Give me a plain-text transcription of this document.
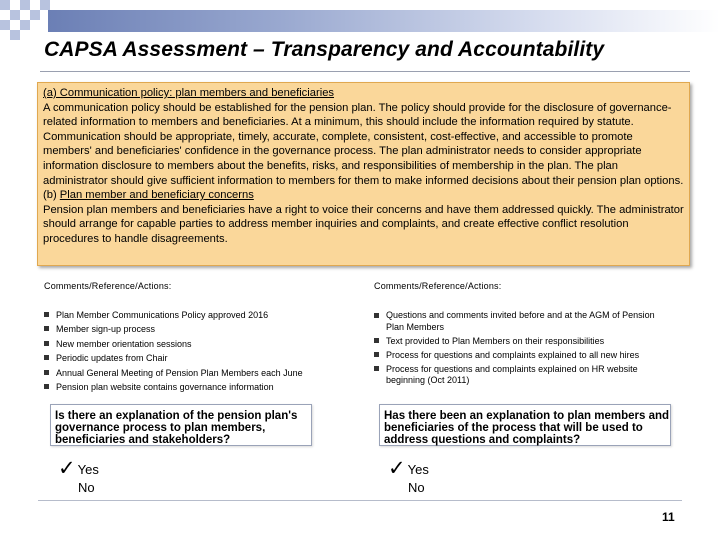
CAPSA Assessment – Transparency and Accountability

(a) Communication policy: plan members and beneficiaries

A communication policy should be established for the pension plan. The policy should provide for the disclosure of governance-related information to members and beneficiaries. At a minimum, this should include the information required by statute. Communication should be appropriate, timely, accurate, complete, consistent, cost-effective, and accessible to promote members' and beneficiaries' confidence in the governance process. The plan administrator needs to consider appropriate information disclosure to members about the benefits, risks, and responsibilities of membership in the plan. The plan administrator should give sufficient information to members for them to make informed decisions about their pension plan options.

(b) Plan member and beneficiary concerns

Pension plan members and beneficiaries have a right to voice their concerns and have them addressed quickly. The administrator should arrange for capable parties to address member inquiries and complaints, and create effective conflict resolution procedures to handle disagreements.

Comments/Reference/Actions:
Plan Member Communications Policy approved 2016
Member sign-up process
New member orientation sessions
Periodic updates from Chair
Annual General Meeting of Pension Plan Members each June
Pension plan website contains governance information
Is there an explanation of the pension plan's governance process to plan members, beneficiaries and stakeholders?
✓ Yes
No
Comments/Reference/Actions:
Questions and comments invited before and at the AGM of Pension Plan Members
Text provided to Plan Members on their responsibilities
Process for questions and complaints explained to all new hires
Process for questions and complaints explained on HR website beginning (Oct 2011)
Has there been an explanation to plan members and beneficiaries of the process that will be used to address questions and complaints?
✓ Yes
No
11
